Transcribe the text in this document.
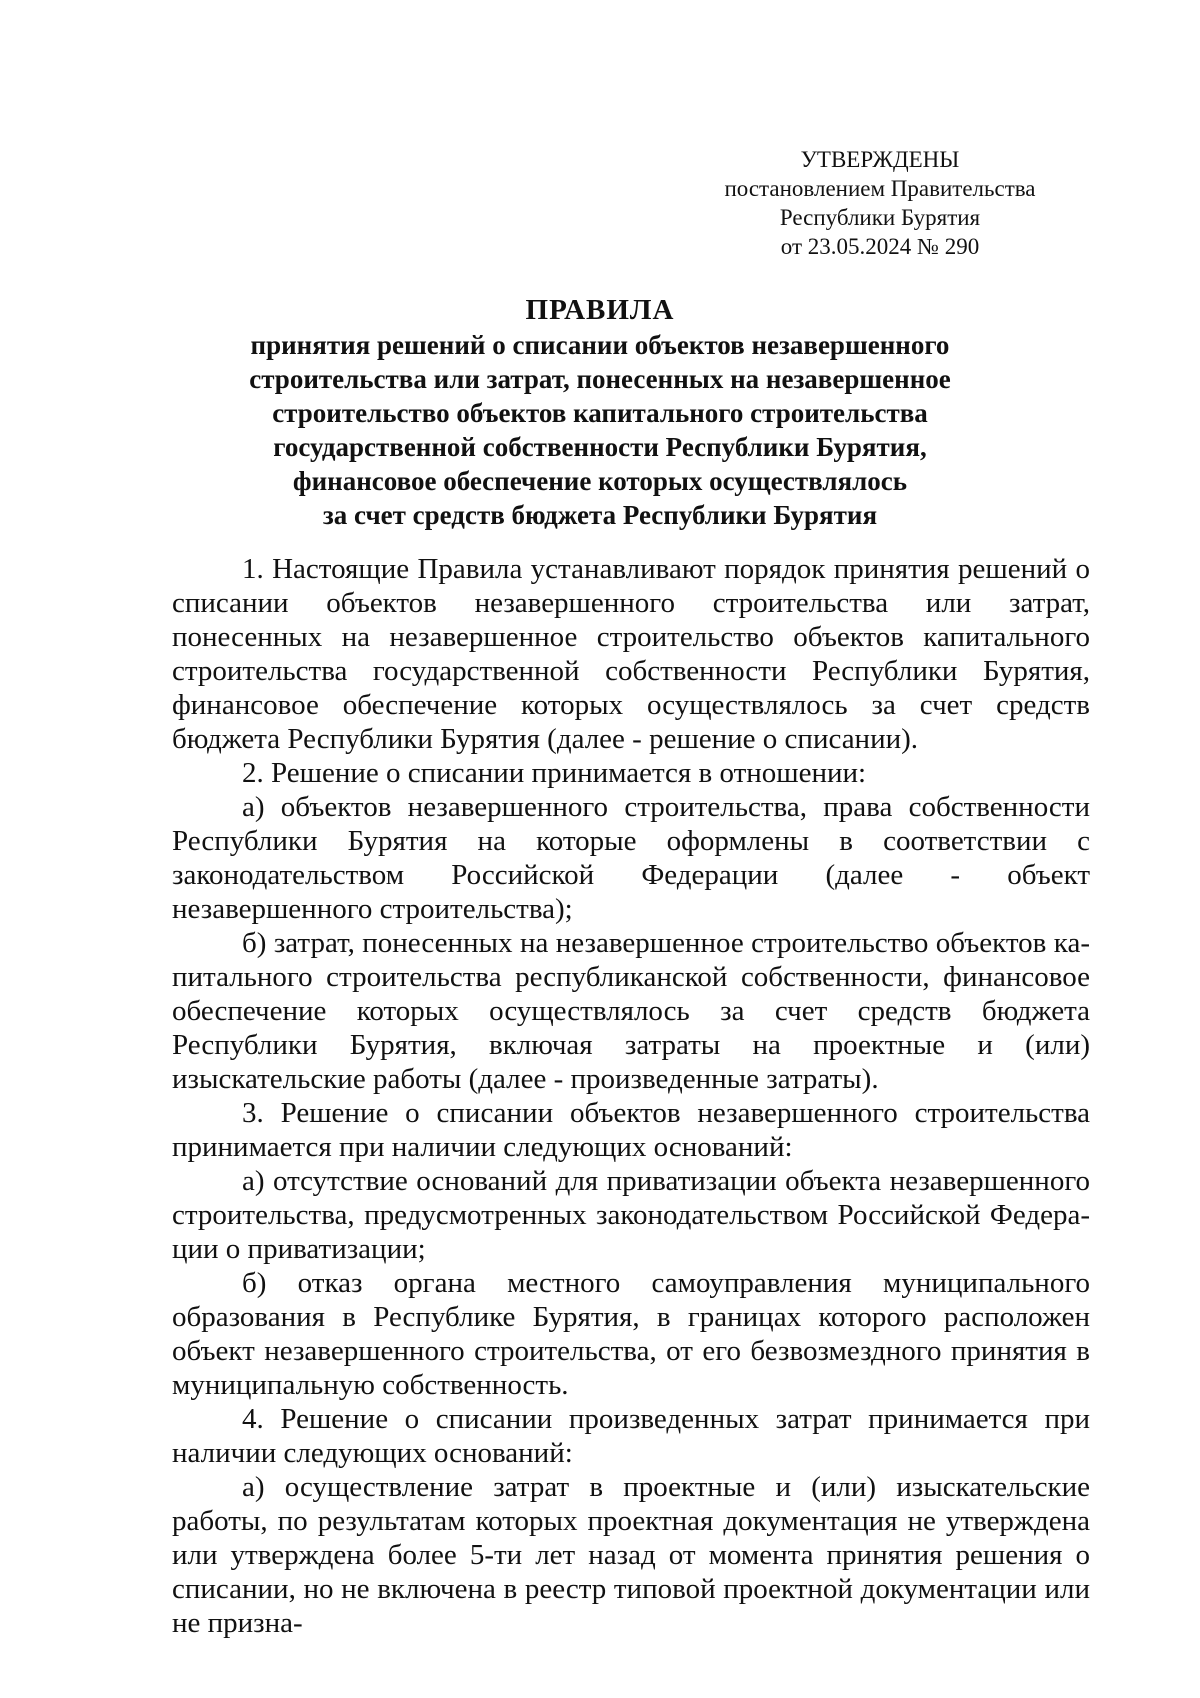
УТВЕРЖДЕНЫ
постановлением Правительства
Республики Бурятия
от 23.05.2024 № 290
ПРАВИЛА
принятия решений о списании объектов незавершенного
строительства или затрат, понесенных на незавершенное
строительство объектов капитального строительства
государственной собственности Республики Бурятия,
финансовое обеспечение которых осуществлялось
за счет средств бюджета Республики Бурятия

1. Настоящие Правила устанавливают порядок принятия решений о списании объектов незавершенного строительства или затрат, понесенных на незавершенное строительство объектов капитального строительства государственной собственности Республики Бурятия, финансовое обеспечение которых осуществлялось за счет средств бюджета Республики Бурятия (далее - решение о списании).

2. Решение о списании принимается в отношении:

а) объектов незавершенного строительства, права собственности Республики Бурятия на которые оформлены в соответствии с законодательством Российской Федерации (далее - объект незавершенного строительства);

б) затрат, понесенных на незавершенное строительство объектов капитального строительства республиканской собственности, финансовое обеспечение которых осуществлялось за счет средств бюджета Республики Бурятия, включая затраты на проектные и (или) изыскательские работы (далее - произведенные затраты).

3. Решение о списании объектов незавершенного строительства принимается при наличии следующих оснований:

а) отсутствие оснований для приватизации объекта незавершенного строительства, предусмотренных законодательством Российской Федерации о приватизации;

б) отказ органа местного самоуправления муниципального образования в Республике Бурятия, в границах которого расположен объект незавершенного строительства, от его безвозмездного принятия в муниципальную собственность.

4. Решение о списании произведенных затрат принимается при наличии следующих оснований:

а) осуществление затрат в проектные и (или) изыскательские работы, по результатам которых проектная документация не утверждена или утверждена более 5-ти лет назад от момента принятия решения о списании, но не включена в реестр типовой проектной документации или не призна-
